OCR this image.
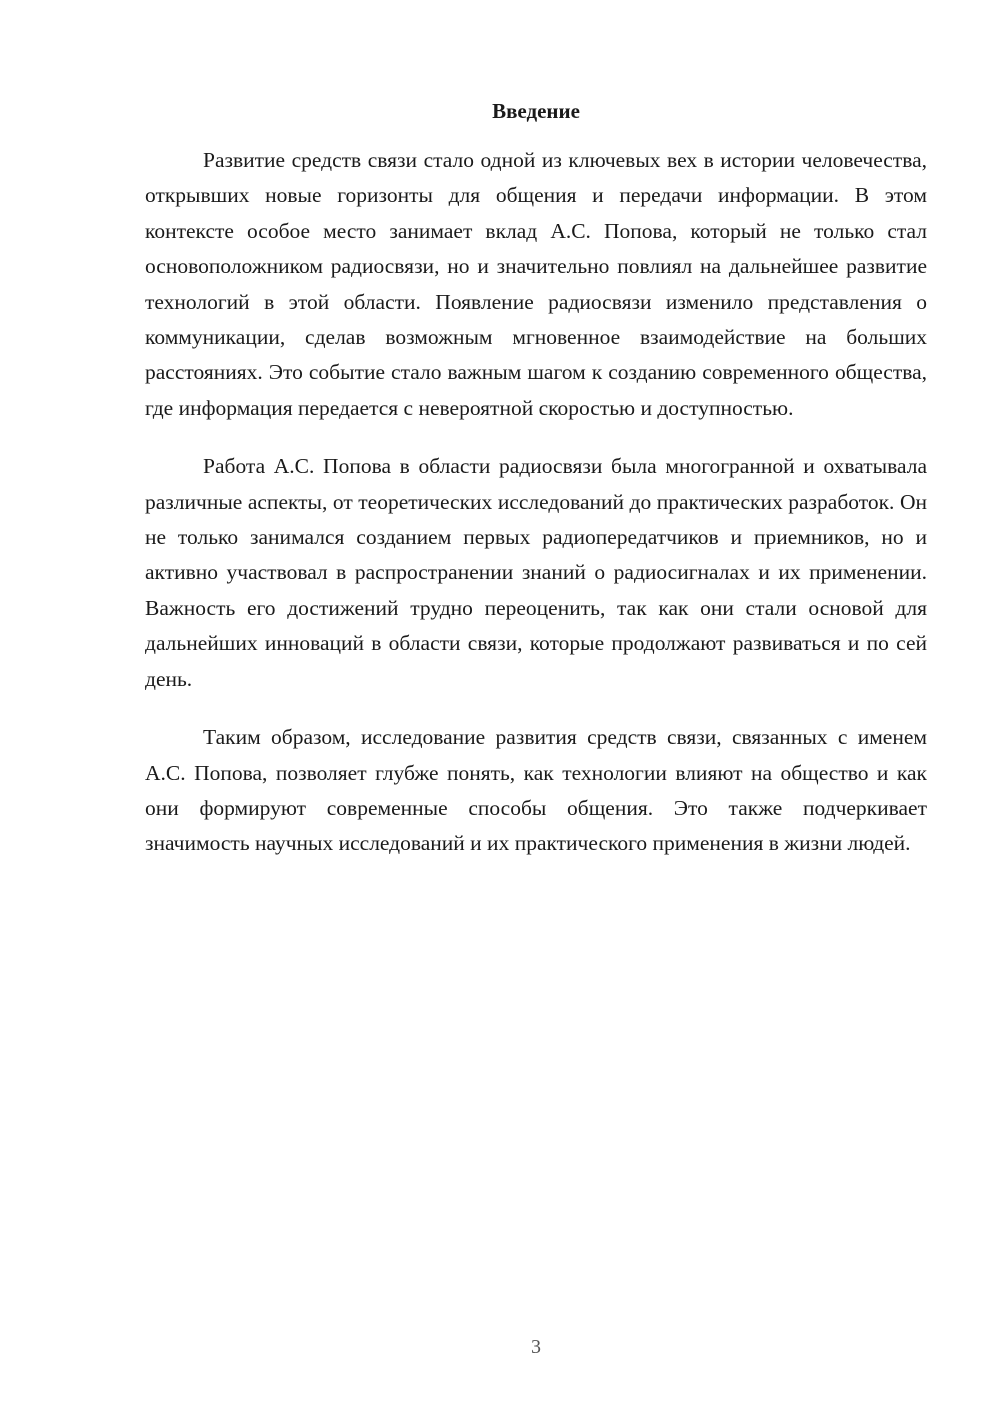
Введение

Развитие средств связи стало одной из ключевых вех в истории человечества, открывших новые горизонты для общения и передачи информации. В этом контексте особое место занимает вклад А.С. Попова, который не только стал основоположником радиосвязи, но и значительно повлиял на дальнейшее развитие технологий в этой области. Появление радиосвязи изменило представления о коммуникации, сделав возможным мгновенное взаимодействие на больших расстояниях. Это событие стало важным шагом к созданию современного общества, где информация передается с невероятной скоростью и доступностью.

Работа А.С. Попова в области радиосвязи была многогранной и охватывала различные аспекты, от теоретических исследований до практических разработок. Он не только занимался созданием первых радиопередатчиков и приемников, но и активно участвовал в распространении знаний о радиосигналах и их применении. Важность его достижений трудно переоценить, так как они стали основой для дальнейших инноваций в области связи, которые продолжают развиваться и по сей день.

Таким образом, исследование развития средств связи, связанных с именем А.С. Попова, позволяет глубже понять, как технологии влияют на общество и как они формируют современные способы общения. Это также подчеркивает значимость научных исследований и их практического применения в жизни людей.

3
